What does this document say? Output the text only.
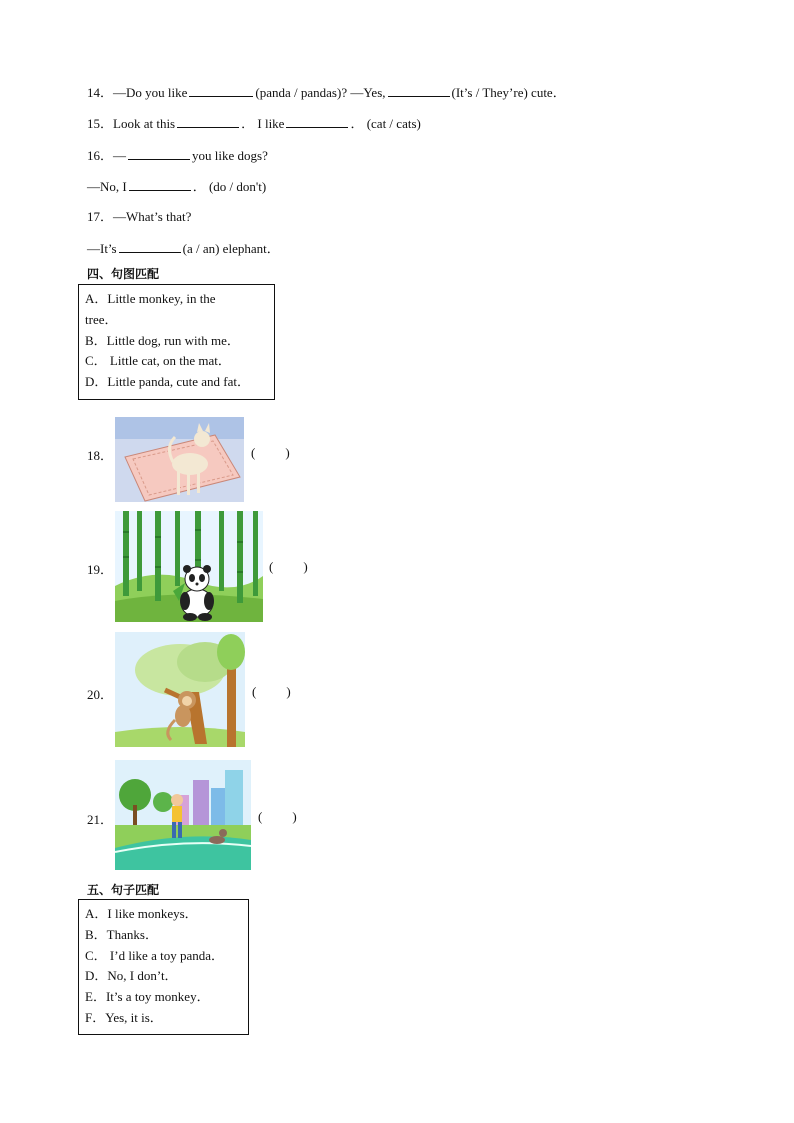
14．—Do you like	(panda / pandas)? —Yes,	(It’s / They’re) cute．
15．Look at this	． I like	． (cat / cats)
16．—	you like dogs?
—No, I	． (do / don't)
17．—What’s that?
—It’s	(a / an) elephant．
四、句图匹配
A．Little monkey, in the
tree．
B．Little dog, run with me．
C． Little cat, on the mat．
D．Little panda, cute and fat．
18．	( )
19．	( )
20．	( )
21．	( )
五、句子匹配
A．I like monkeys．
B．Thanks．
C． I’d like a toy panda．
D．No, I don’t．
E．It’s a toy monkey．
F．Yes, it is．
